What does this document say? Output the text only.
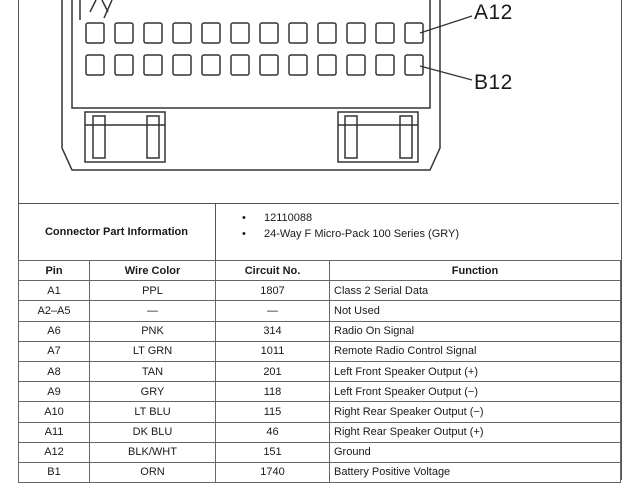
A12
B12
Connector Part Information
• 12110088
• 24-Way F Micro-Pack 100 Series (GRY)
Pin	Wire Color	Circuit No.	Function
A1	PPL	1807	Class 2 Serial Data
A2–A5	—	—	Not Used
A6	PNK	314	Radio On Signal
A7	LT GRN	1011	Remote Radio Control Signal
A8	TAN	201	Left Front Speaker Output (+)
A9	GRY	118	Left Front Speaker Output (−)
A10	LT BLU	115	Right Rear Speaker Output (−)
A11	DK BLU	46	Right Rear Speaker Output (+)
A12	BLK/WHT	151	Ground
B1	ORN	1740	Battery Positive Voltage
